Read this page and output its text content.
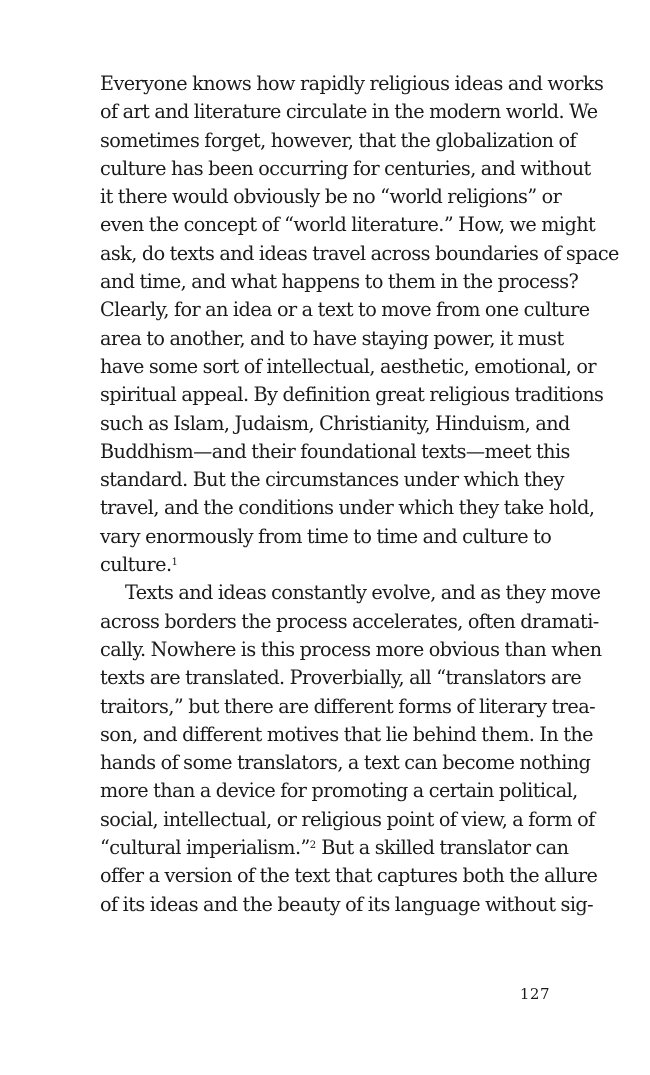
Everyone knows how rapidly religious ideas and works
of art and literature circulate in the modern world. We
sometimes forget, however, that the globalization of
culture has been occurring for centuries, and without
it there would obviously be no “world religions” or
even the concept of “world literature.” How, we might
ask, do texts and ideas travel across boundaries of space
and time, and what happens to them in the process?
Clearly, for an idea or a text to move from one culture
area to another, and to have staying power, it must
have some sort of intellectual, aesthetic, emotional, or
spiritual appeal. By definition great religious traditions
such as Islam, Judaism, Christianity, Hinduism, and
Buddhism—and their foundational texts—meet this
standard. But the circumstances under which they
travel, and the conditions under which they take hold,
vary enormously from time to time and culture to
culture.$^1$
Texts and ideas constantly evolve, and as they move
across borders the process accelerates, often dramati-
cally. Nowhere is this process more obvious than when
texts are translated. Proverbially, all “translators are
traitors,” but there are different forms of literary trea-
son, and different motives that lie behind them. In the
hands of some translators, a text can become nothing
more than a device for promoting a certain political,
social, intellectual, or religious point of view, a form of
“cultural imperialism.”$^2$ But a skilled translator can
offer a version of the text that captures both the allure
of its ideas and the beauty of its language without sig-
127
